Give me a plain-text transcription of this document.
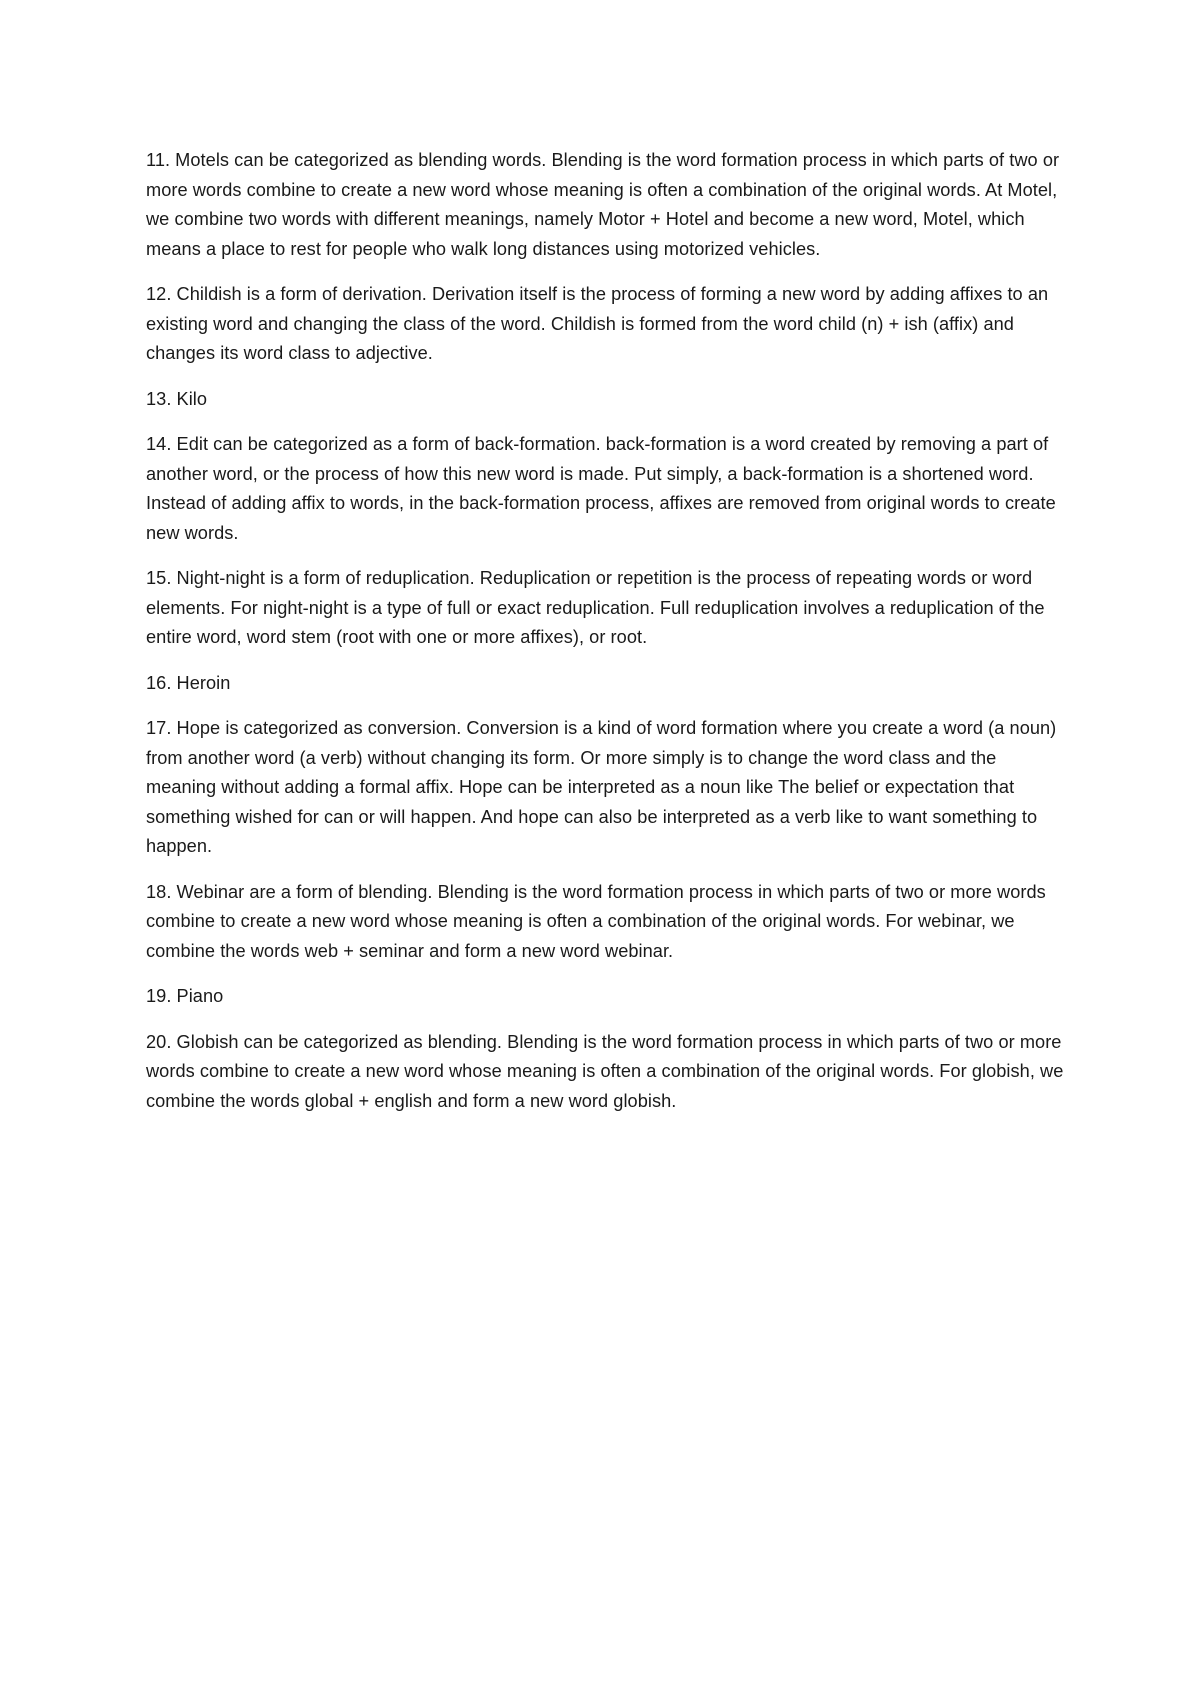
11. Motels can be categorized as blending words. Blending is the word formation process in which parts of two or more words combine to create a new word whose meaning is often a combination of the original words. At Motel, we combine two words with different meanings, namely Motor + Hotel and become a new word, Motel, which means a place to rest for people who walk long distances using motorized vehicles.

12. Childish is a form of derivation. Derivation itself is the process of forming a new word by adding affixes to an existing word and changing the class of the word. Childish is formed from the word child (n) + ish (affix) and changes its word class to adjective.

13. Kilo

14. Edit can be categorized as a form of back-formation. back-formation is a word created by removing a part of another word, or the process of how this new word is made. Put simply, a back-formation is a shortened word. Instead of adding affix to words, in the back-formation process, affixes are removed from original words to create new words.

15. Night-night is a form of reduplication. Reduplication or repetition is the process of repeating words or word elements. For night-night is a type of full or exact reduplication. Full reduplication involves a reduplication of the entire word, word stem (root with one or more affixes), or root.

16. Heroin

17. Hope is categorized as conversion. Conversion is a kind of word formation where you create a word (a noun) from another word (a verb) without changing its form. Or more simply is to change the word class and the meaning without adding a formal affix. Hope can be interpreted as a noun like The belief or expectation that something wished for can or will happen. And hope can also be interpreted as a verb like to want something to happen.

18. Webinar are a form of blending. Blending is the word formation process in which parts of two or more words combine to create a new word whose meaning is often a combination of the original words. For webinar, we combine the words web + seminar and form a new word webinar.

19. Piano

20. Globish can be categorized as blending. Blending is the word formation process in which parts of two or more words combine to create a new word whose meaning is often a combination of the original words. For globish, we combine the words global + english and form a new word globish.
